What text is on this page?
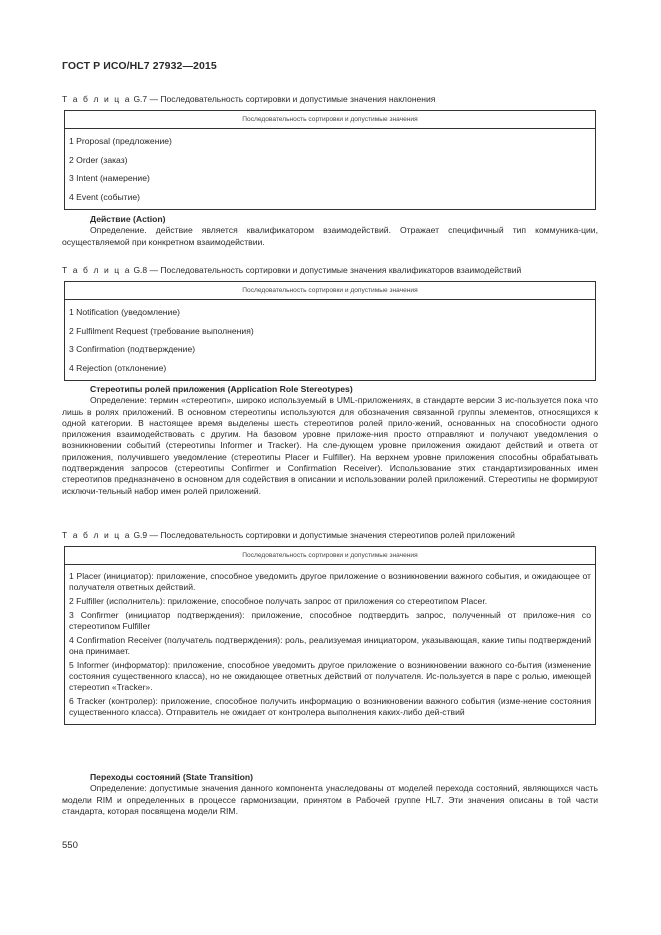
ГОСТ Р ИСО/HL7 27932—2015
Т а б л и ц а G.7 — Последовательность сортировки и допустимые значения наклонения
Последовательность сортировки и допустимые значения

1 Proposal (предложение)
2 Order (заказ)
3 Intent (намерение)
4 Event (событие)
Действие (Action)
Определение. действие является квалификатором взаимодействий. Отражает специфичный тип коммуника-ции, осуществляемой при конкретном взаимодействии.
Т а б л и ц а G.8 — Последовательность сортировки и допустимые значения квалификаторов взаимодействий
Последовательность сортировки и допустимые значения

1 Notification (уведомление)
2 Fulfilment Request (требование выполнения)
3 Confirmation (подтверждение)
4 Rejection (отклонение)
Стереотипы ролей приложения (Application Role Stereotypes)
Определение: термин «стереотип», широко используемый в UML-приложениях, в стандарте версии 3 ис-пользуется пока что лишь в ролях приложений. В основном стереотипы используются для обозначения связанной группы элементов, относящихся к одной категории. В настоящее время выделены шесть стереотипов ролей прило-жений, основанных на способности одного приложения взаимодействовать с другим. На базовом уровне приложе-ния просто отправляют и получают уведомления о возникновении событий (стереотипы Informer и Tracker). На сле-дующем уровне приложения ожидают действий и ответа от приложения, получившего уведомление (стереотипы Placer и Fulfiller). На верхнем уровне приложения способны обрабатывать подтверждения запросов (стереотипы Confirmer и Confirmation Receiver). Использование этих стандартизированных имен стереотипов предназначено в основном для содействия в описании и использовании ролей приложений. Стереотипы не формируют исключи-тельный набор имен ролей приложений.
Т а б л и ц а G.9 — Последовательность сортировки и допустимые значения стереотипов ролей приложений
Последовательность сортировки и допустимые значения

1 Placer (инициатор): приложение, способное уведомить другое приложение о возникновении важного события, и ожидающее от получателя ответных действий.
2 Fulfiller (исполнитель): приложение, способное получать запрос от приложения со стереотипом Placer.
3 Confirmer (инициатор подтверждения): приложение, способное подтвердить запрос, полученный от приложе-ния со стереотипом Fulfiller
4 Confirmation Receiver (получатель подтверждения): роль, реализуемая инициатором, указывающая, какие типы подтверждений она принимает.
5 Informer (информатор): приложение, способное уведомить другое приложение о возникновении важного со-бытия (изменение состояния существенного класса), но не ожидающее ответных действий от получателя. Ис-пользуется в паре с ролью, имеющей стереотип «Tracker».
6 Tracker (контролер): приложение, способное получить информацию о возникновении важного события (изме-нение состояния существенного класса). Отправитель не ожидает от контролера выполнения каких-либо дей-ствий
Переходы состояний (State Transition)
Определение: допустимые значения данного компонента унаследованы от моделей перехода состояний, являющихся часть модели RIM и определенных в процессе гармонизации, принятом в Рабочей группе HL7. Эти значения описаны в той части стандарта, которая посвящена модели RIM.
550
